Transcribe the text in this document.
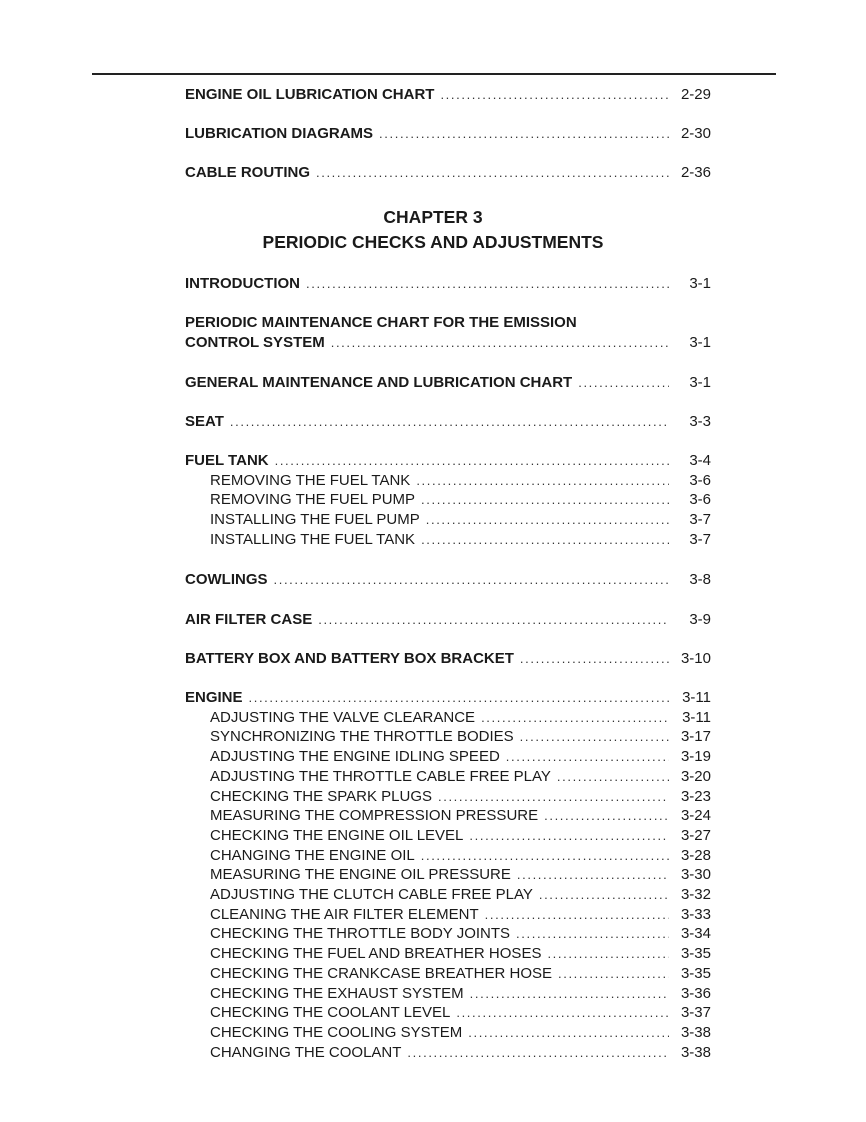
ENGINE OIL LUBRICATION CHART . . .	2-29
LUBRICATION DIAGRAMS . . .	2-30
CABLE ROUTING . . .	2-36
CHAPTER 3
PERIODIC CHECKS AND ADJUSTMENTS
INTRODUCTION . . .	3-1
PERIODIC MAINTENANCE CHART FOR THE EMISSION
CONTROL SYSTEM . . .	3-1
GENERAL MAINTENANCE AND LUBRICATION CHART . . .	3-1
SEAT . . .	3-3
FUEL TANK . . .	3-4
REMOVING THE FUEL TANK . . .	3-6
REMOVING THE FUEL PUMP . . .	3-6
INSTALLING THE FUEL PUMP . . .	3-7
INSTALLING THE FUEL TANK . . .	3-7
COWLINGS . . .	3-8
AIR FILTER CASE . . .	3-9
BATTERY BOX AND BATTERY BOX BRACKET . . .	3-10
ENGINE . . .	3-11
ADJUSTING THE VALVE CLEARANCE . . .	3-11
SYNCHRONIZING THE THROTTLE BODIES . . .	3-17
ADJUSTING THE ENGINE IDLING SPEED . . .	3-19
ADJUSTING THE THROTTLE CABLE FREE PLAY . . .	3-20
CHECKING THE SPARK PLUGS . . .	3-23
MEASURING THE COMPRESSION PRESSURE . . .	3-24
CHECKING THE ENGINE OIL LEVEL . . .	3-27
CHANGING THE ENGINE OIL . . .	3-28
MEASURING THE ENGINE OIL PRESSURE . . .	3-30
ADJUSTING THE CLUTCH CABLE FREE PLAY . . .	3-32
CLEANING THE AIR FILTER ELEMENT . . .	3-33
CHECKING THE THROTTLE BODY JOINTS . . .	3-34
CHECKING THE FUEL AND BREATHER HOSES . . .	3-35
CHECKING THE CRANKCASE BREATHER HOSE . . .	3-35
CHECKING THE EXHAUST SYSTEM . . .	3-36
CHECKING THE COOLANT LEVEL . . .	3-37
CHECKING THE COOLING SYSTEM . . .	3-38
CHANGING THE COOLANT . . .	3-38
